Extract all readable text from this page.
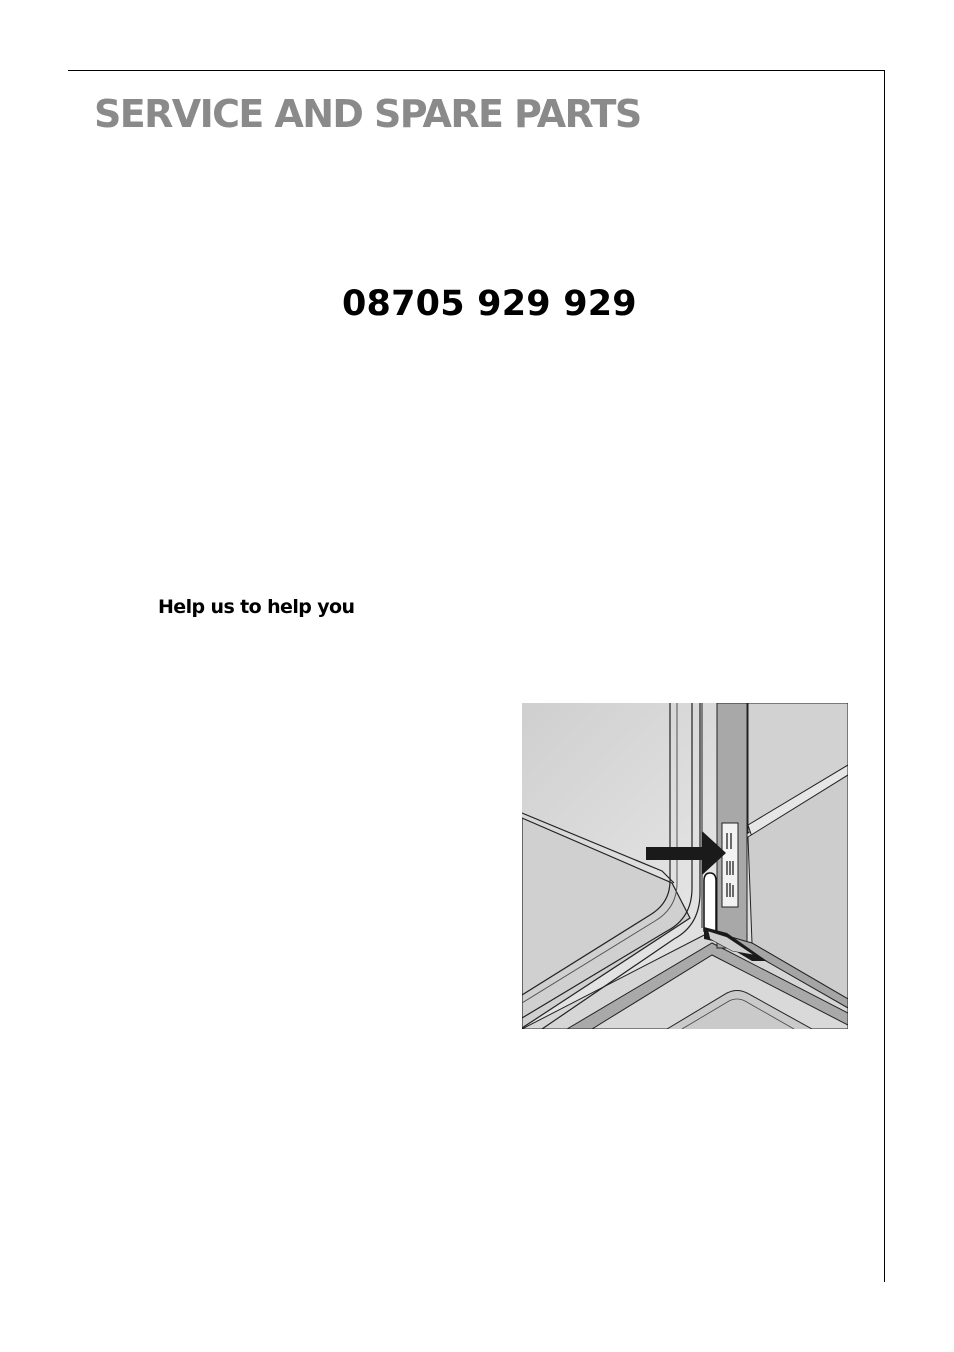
SERVICE AND SPARE PARTS
08705 929 929
Help us to help you
